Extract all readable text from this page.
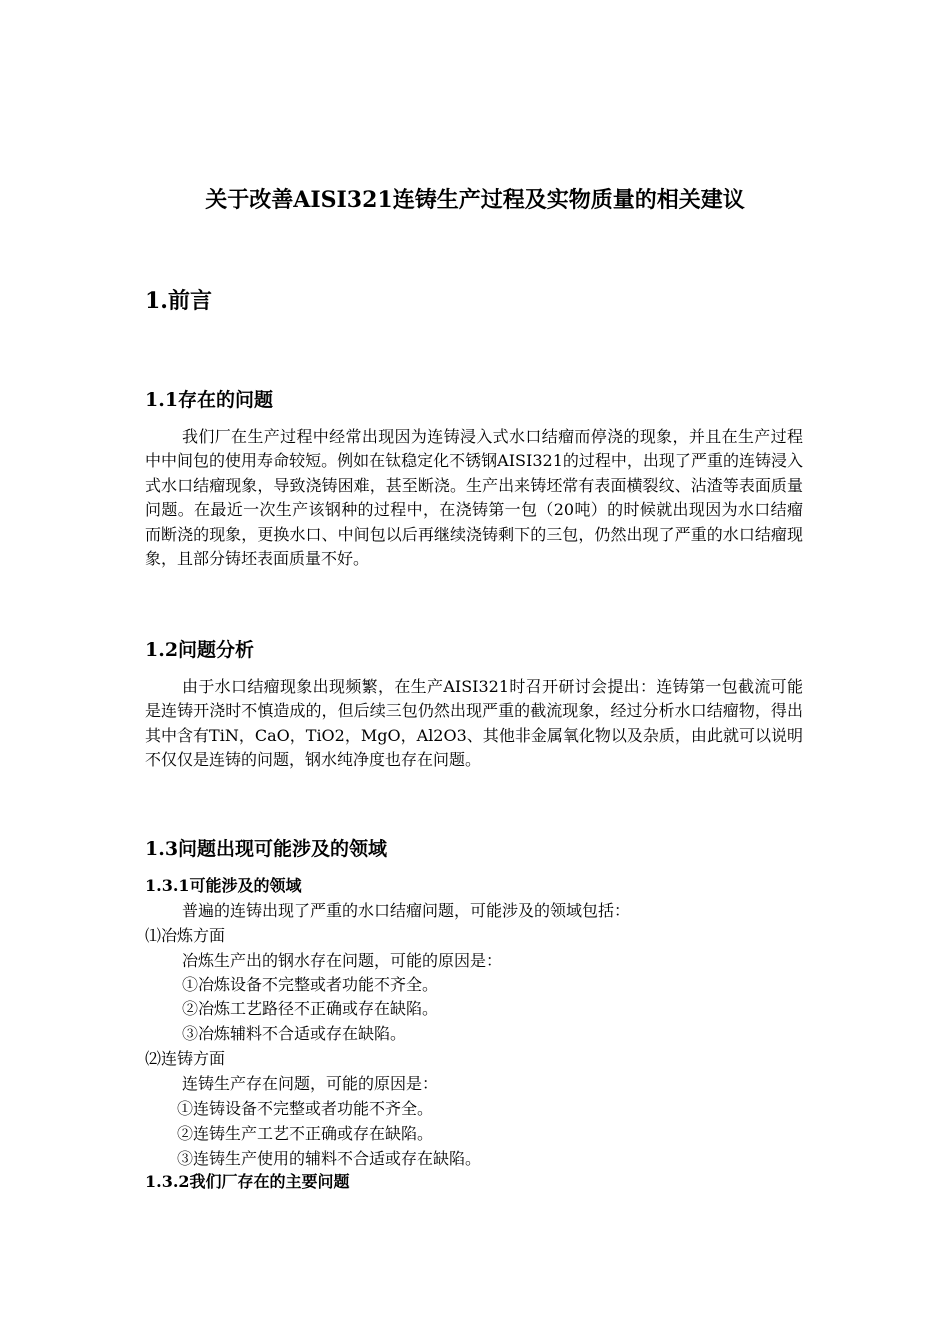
关于改善AISI321连铸生产过程及实物质量的相关建议
1.前言
1.1存在的问题
我们厂在生产过程中经常出现因为连铸浸入式水口结瘤而停浇的现象，并且在生产过程中中间包的使用寿命较短。例如在钛稳定化不锈钢AISI321的过程中，出现了严重的连铸浸入式水口结瘤现象，导致浇铸困难，甚至断浇。生产出来铸坯常有表面横裂纹、沾渣等表面质量问题。在最近一次生产该钢种的过程中，在浇铸第一包（20吨）的时候就出现因为水口结瘤而断浇的现象，更换水口、中间包以后再继续浇铸剩下的三包，仍然出现了严重的水口结瘤现象，且部分铸坯表面质量不好。
1.2问题分析
由于水口结瘤现象出现频繁，在生产AISI321时召开研讨会提出：连铸第一包截流可能是连铸开浇时不慎造成的，但后续三包仍然出现严重的截流现象，经过分析水口结瘤物，得出其中含有TiN，CaO，TiO2，MgO，Al2O3、其他非金属氧化物以及杂质，由此就可以说明不仅仅是连铸的问题，钢水纯净度也存在问题。
1.3问题出现可能涉及的领域
1.3.1可能涉及的领域
普遍的连铸出现了严重的水口结瘤问题，可能涉及的领域包括：
⑴冶炼方面
冶炼生产出的钢水存在问题，可能的原因是：
①冶炼设备不完整或者功能不齐全。
②冶炼工艺路径不正确或存在缺陷。
③冶炼辅料不合适或存在缺陷。
⑵连铸方面
连铸生产存在问题，可能的原因是：
①连铸设备不完整或者功能不齐全。
②连铸生产工艺不正确或存在缺陷。
③连铸生产使用的辅料不合适或存在缺陷。
1.3.2我们厂存在的主要问题
